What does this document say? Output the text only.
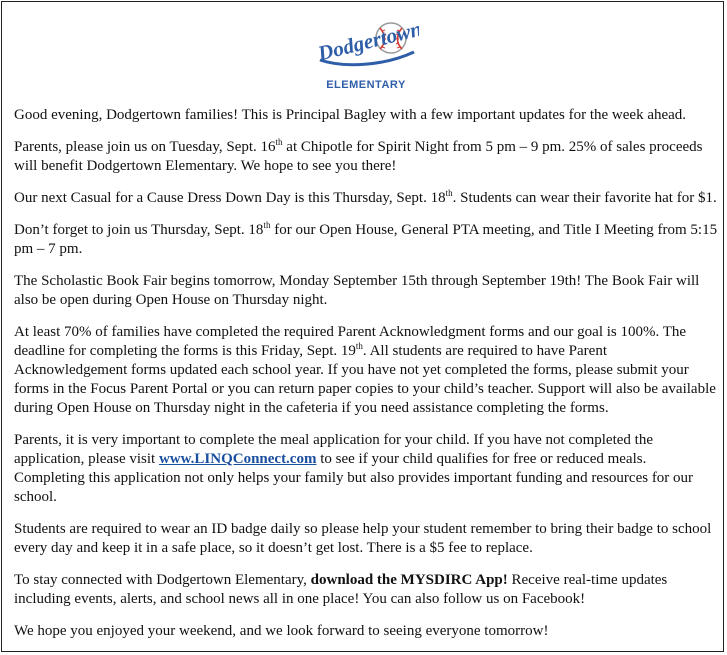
Dodgertown
ELEMENTARY

Good evening, Dodgertown families! This is Principal Bagley with a few important updates for the week ahead.

Parents, please join us on Tuesday, Sept. 16th at Chipotle for Spirit Night from 5 pm – 9 pm. 25% of sales proceeds will benefit Dodgertown Elementary. We hope to see you there!

Our next Casual for a Cause Dress Down Day is this Thursday, Sept. 18th. Students can wear their favorite hat for $1.

Don’t forget to join us Thursday, Sept. 18th for our Open House, General PTA meeting, and Title I Meeting from 5:15 pm – 7 pm.

The Scholastic Book Fair begins tomorrow, Monday September 15th through September 19th! The Book Fair will also be open during Open House on Thursday night.

At least 70% of families have completed the required Parent Acknowledgment forms and our goal is 100%. The deadline for completing the forms is this Friday, Sept. 19th. All students are required to have Parent Acknowledgement forms updated each school year. If you have not yet completed the forms, please submit your forms in the Focus Parent Portal or you can return paper copies to your child’s teacher. Support will also be available during Open House on Thursday night in the cafeteria if you need assistance completing the forms.

Parents, it is very important to complete the meal application for your child. If you have not completed the application, please visit www.LINQConnect.com to see if your child qualifies for free or reduced meals. Completing this application not only helps your family but also provides important funding and resources for our school.

Students are required to wear an ID badge daily so please help your student remember to bring their badge to school every day and keep it in a safe place, so it doesn’t get lost. There is a $5 fee to replace.

To stay connected with Dodgertown Elementary, download the MYSDIRC App! Receive real-time updates including events, alerts, and school news all in one place! You can also follow us on Facebook!

We hope you enjoyed your weekend, and we look forward to seeing everyone tomorrow!
